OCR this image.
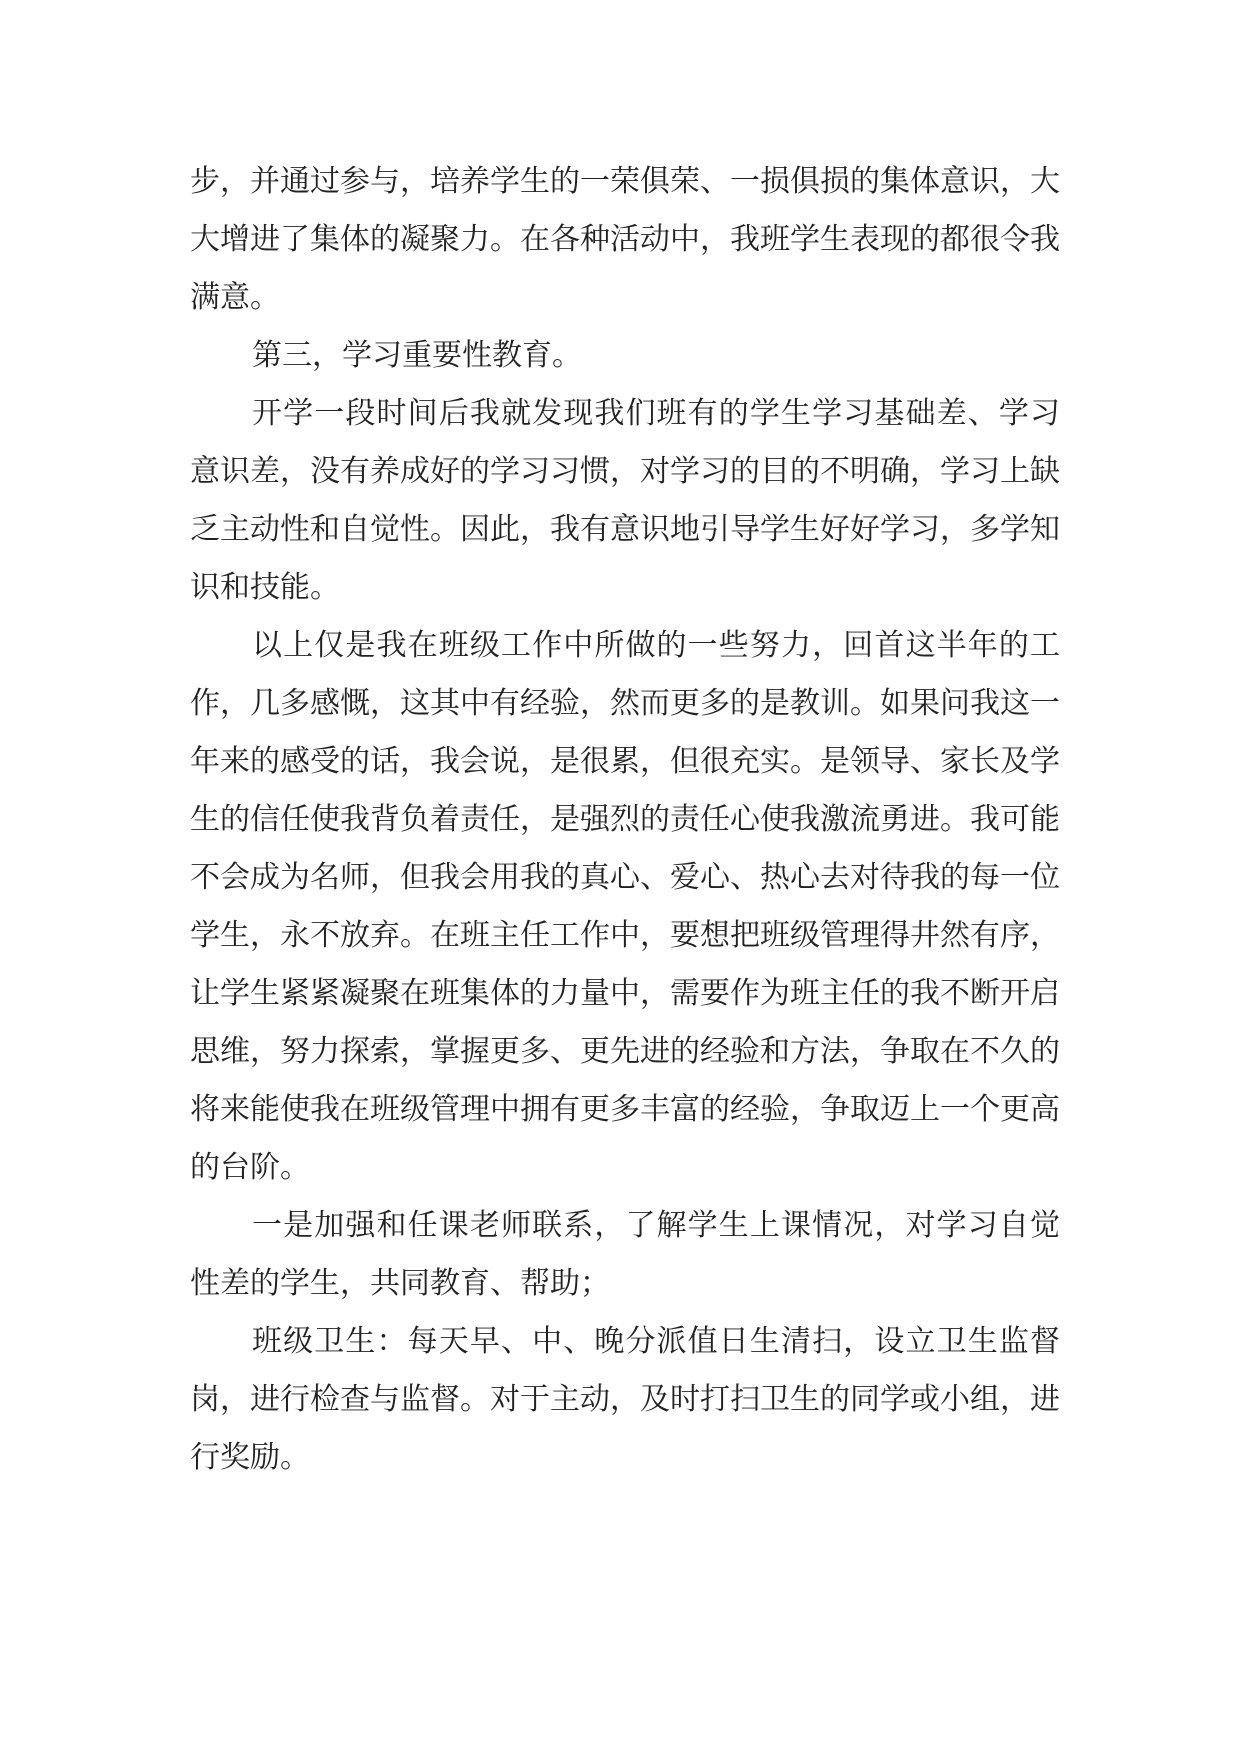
步，并通过参与，培养学生的一荣俱荣、一损俱损的集体意识，大大增进了集体的凝聚力。在各种活动中，我班学生表现的都很令我满意。

第三，学习重要性教育。

开学一段时间后我就发现我们班有的学生学习基础差、学习意识差，没有养成好的学习习惯，对学习的目的不明确，学习上缺乏主动性和自觉性。因此，我有意识地引导学生好好学习，多学知识和技能。

以上仅是我在班级工作中所做的一些努力，回首这半年的工作，几多感慨，这其中有经验，然而更多的是教训。如果问我这一年来的感受的话，我会说，是很累，但很充实。是领导、家长及学生的信任使我背负着责任，是强烈的责任心使我激流勇进。我可能不会成为名师，但我会用我的真心、爱心、热心去对待我的每一位学生，永不放弃。在班主任工作中，要想把班级管理得井然有序，让学生紧紧凝聚在班集体的力量中，需要作为班主任的我不断开启思维，努力探索，掌握更多、更先进的经验和方法，争取在不久的将来能使我在班级管理中拥有更多丰富的经验，争取迈上一个更高的台阶。

一是加强和任课老师联系，了解学生上课情况，对学习自觉性差的学生，共同教育、帮助；

班级卫生：每天早、中、晚分派值日生清扫，设立卫生监督岗，进行检查与监督。对于主动，及时打扫卫生的同学或小组，进行奖励。
